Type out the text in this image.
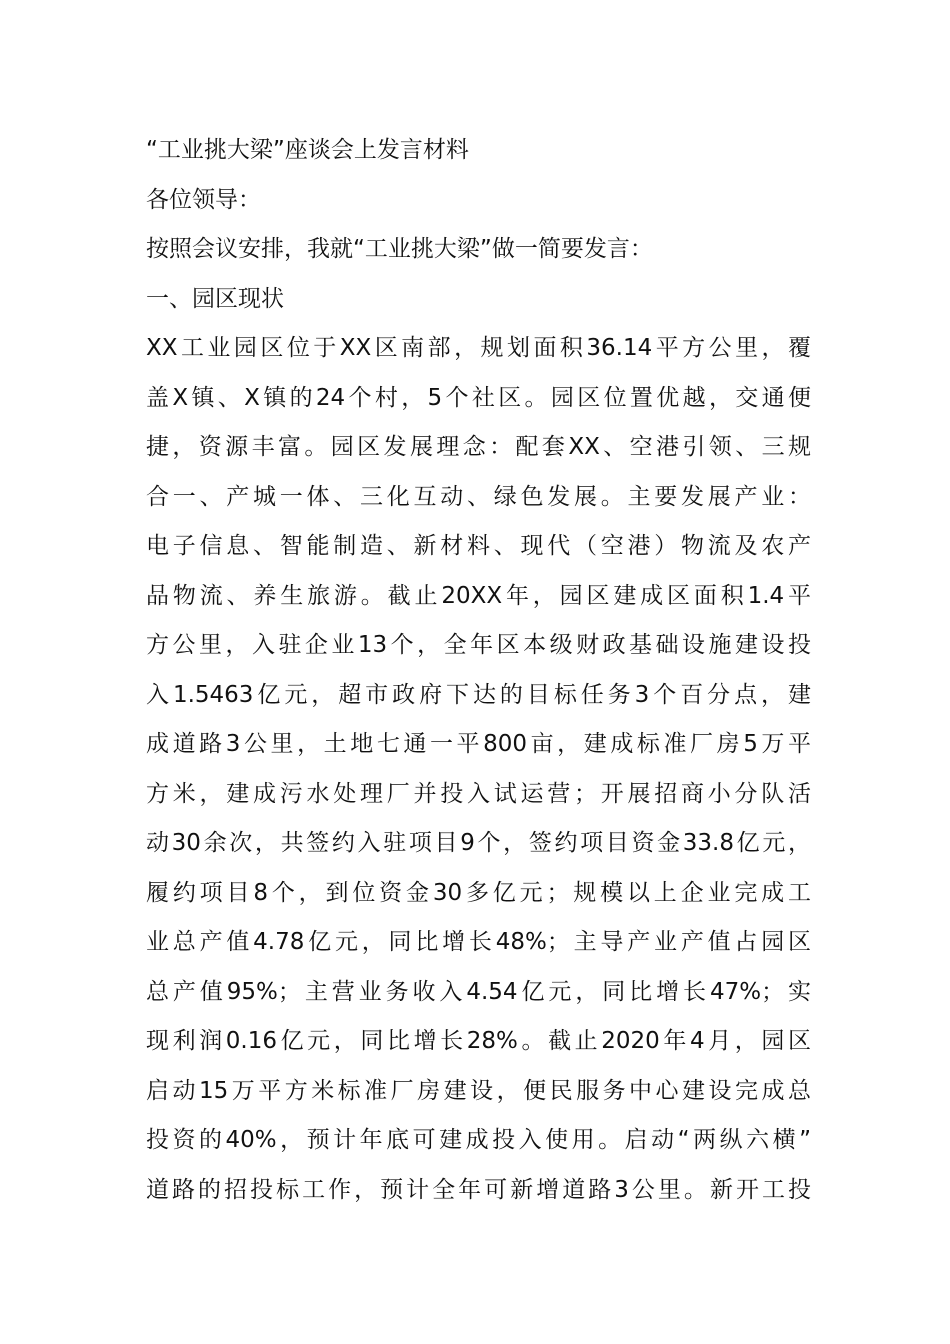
“工业挑大梁”座谈会上发言材料
各位领导：
按照会议安排，我就“工业挑大梁”做一简要发言：
一、园区现状
XX工业园区位于XX区南部，规划面积36.14平方公里，覆
盖X镇、X镇的24个村，5个社区。园区位置优越，交通便
捷，资源丰富。园区发展理念：配套XX、空港引领、三规
合一、产城一体、三化互动、绿色发展。主要发展产业：
电子信息、智能制造、新材料、现代（空港）物流及农产
品物流、养生旅游。截止20XX年，园区建成区面积1.4平
方公里，入驻企业13个，全年区本级财政基础设施建设投
入1.5463亿元，超市政府下达的目标任务3个百分点，建
成道路3公里，土地七通一平800亩，建成标准厂房5万平
方米，建成污水处理厂并投入试运营；开展招商小分队活
动30余次，共签约入驻项目9个，签约项目资金33.8亿元，
履约项目8个，到位资金30多亿元；规模以上企业完成工
业总产值4.78亿元，同比增长48%；主导产业产值占园区
总产值95%；主营业务收入4.54亿元，同比增长47%；实
现利润0.16亿元，同比增长28%。截止2020年4月，园区
启动15万平方米标准厂房建设，便民服务中心建设完成总
投资的40%，预计年底可建成投入使用。启动“两纵六横”
道路的招投标工作，预计全年可新增道路3公里。新开工投
